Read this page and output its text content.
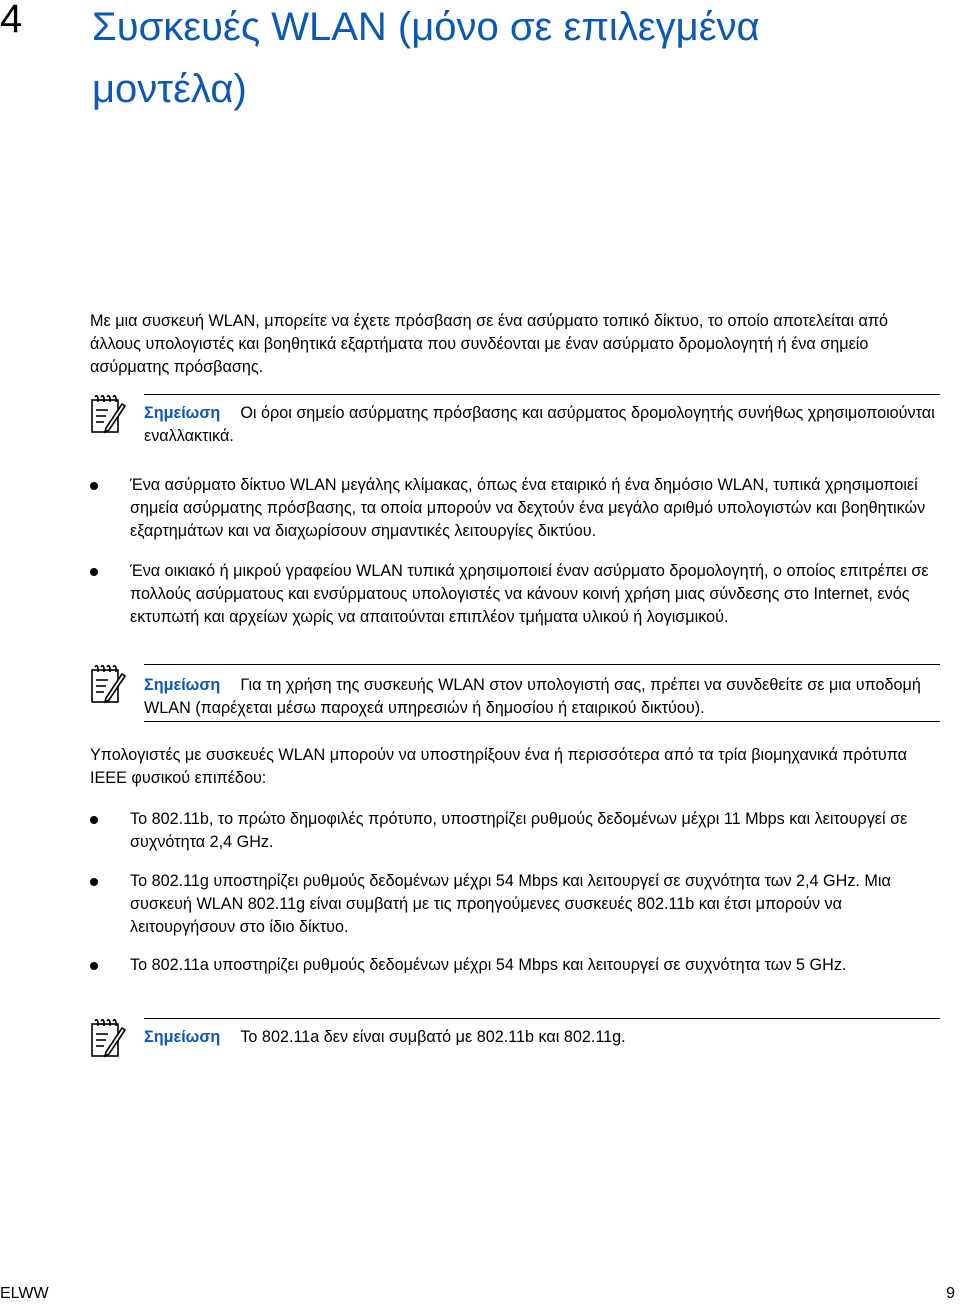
4 Συσκευές WLAN (μόνο σε επιλεγμένα μοντέλα)
Με μια συσκευή WLAN, μπορείτε να έχετε πρόσβαση σε ένα ασύρματο τοπικό δίκτυο, το οποίο αποτελείται από άλλους υπολογιστές και βοηθητικά εξαρτήματα που συνδέονται με έναν ασύρματο δρομολογητή ή ένα σημείο ασύρματης πρόσβασης.
Σημείωση Οι όροι σημείο ασύρματης πρόσβασης και ασύρματος δρομολογητής συνήθως χρησιμοποιούνται εναλλακτικά.
Ένα ασύρματο δίκτυο WLAN μεγάλης κλίμακας, όπως ένα εταιρικό ή ένα δημόσιο WLAN, τυπικά χρησιμοποιεί σημεία ασύρματης πρόσβασης, τα οποία μπορούν να δεχτούν ένα μεγάλο αριθμό υπολογιστών και βοηθητικών εξαρτημάτων και να διαχωρίσουν σημαντικές λειτουργίες δικτύου.
Ένα οικιακό ή μικρού γραφείου WLAN τυπικά χρησιμοποιεί έναν ασύρματο δρομολογητή, ο οποίος επιτρέπει σε πολλούς ασύρματους και ενσύρματους υπολογιστές να κάνουν κοινή χρήση μιας σύνδεσης στο Internet, ενός εκτυπωτή και αρχείων χωρίς να απαιτούνται επιπλέον τμήματα υλικού ή λογισμικού.
Σημείωση Για τη χρήση της συσκευής WLAN στον υπολογιστή σας, πρέπει να συνδεθείτε σε μια υποδομή WLAN (παρέχεται μέσω παροχεά υπηρεσιών ή δημοσίου ή εταιρικού δικτύου).
Υπολογιστές με συσκευές WLAN μπορούν να υποστηρίξουν ένα ή περισσότερα από τα τρία βιομηχανικά πρότυπα IEEE φυσικού επιπέδου:
Το 802.11b, το πρώτο δημοφιλές πρότυπο, υποστηρίζει ρυθμούς δεδομένων μέχρι 11 Mbps και λειτουργεί σε συχνότητα 2,4 GHz.
Το 802.11g υποστηρίζει ρυθμούς δεδομένων μέχρι 54 Mbps και λειτουργεί σε συχνότητα των 2,4 GHz. Μια συσκευή WLAN 802.11g είναι συμβατή με τις προηγούμενες συσκευές 802.11b και έτσι μπορούν να λειτουργήσουν στο ίδιο δίκτυο.
Το 802.11a υποστηρίζει ρυθμούς δεδομένων μέχρι 54 Mbps και λειτουργεί σε συχνότητα των 5 GHz.
Σημείωση Το 802.11a δεν είναι συμβατό με 802.11b και 802.11g.
ELWW	9
